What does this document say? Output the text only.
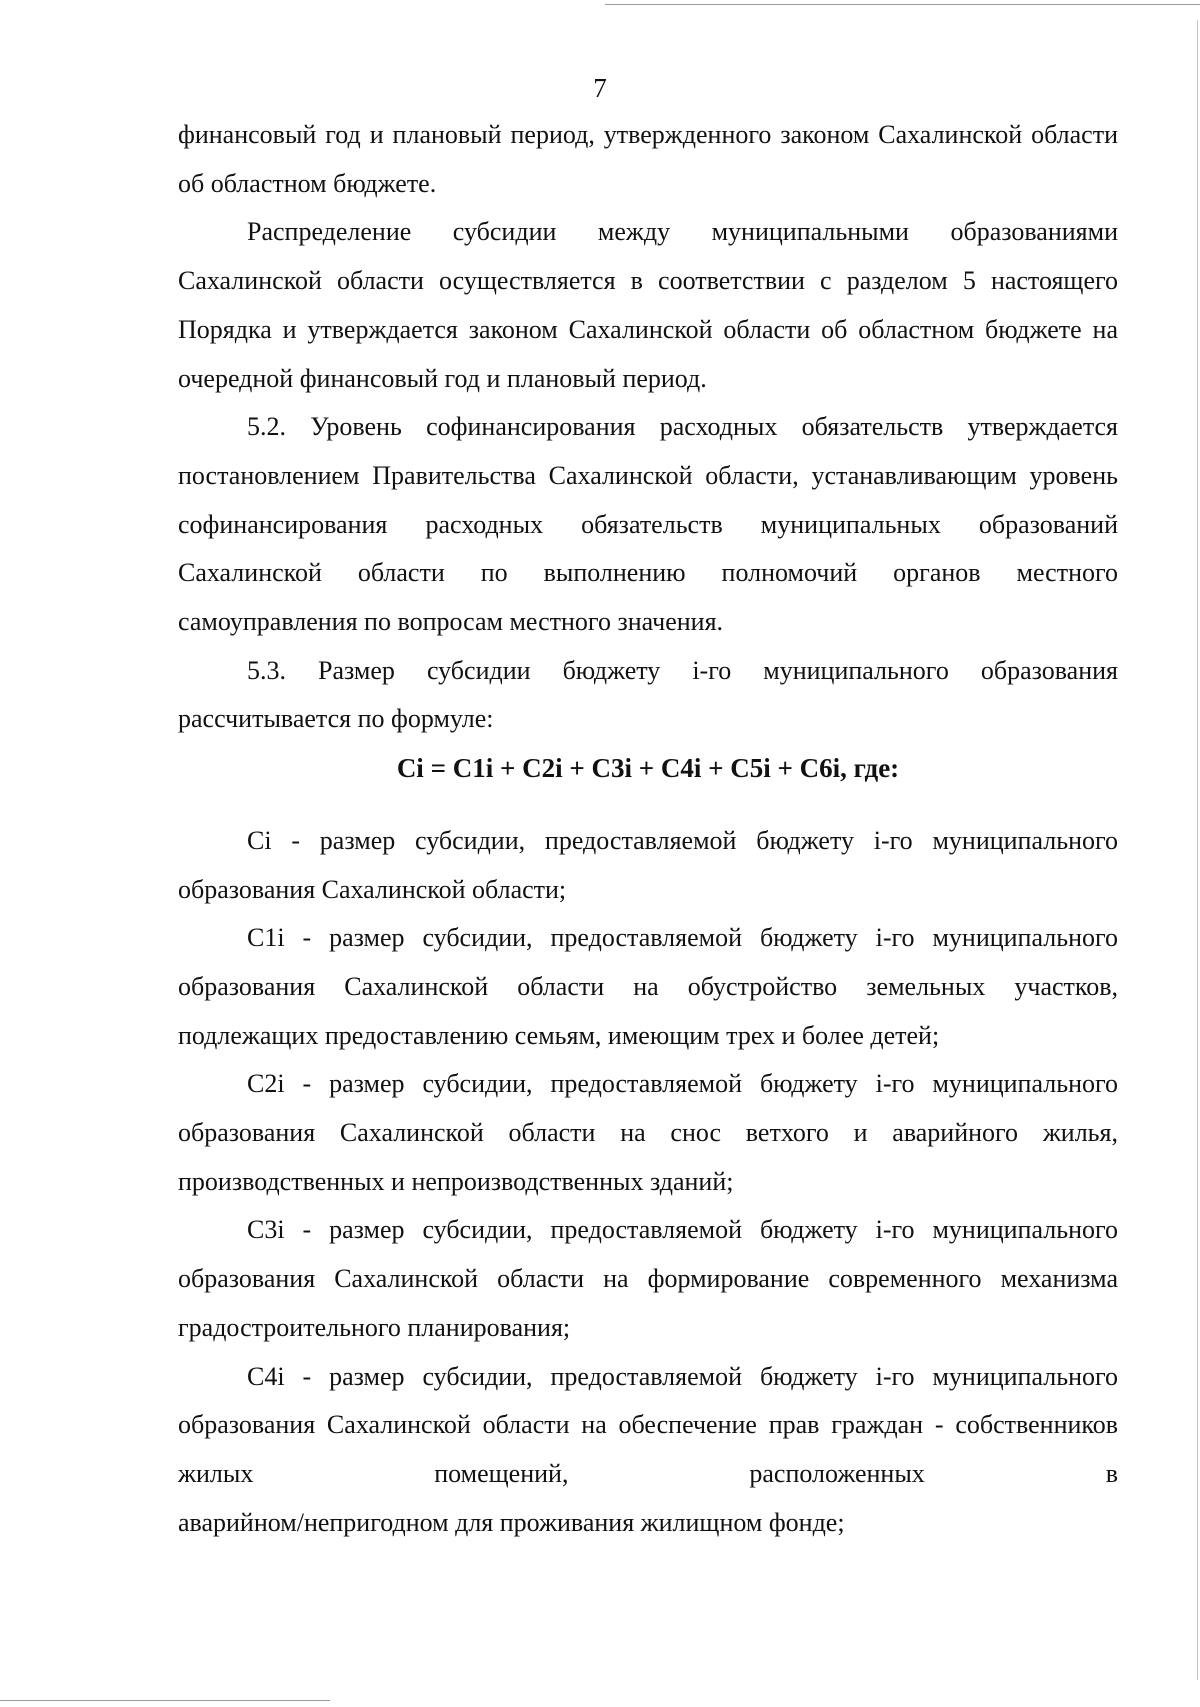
7

финансовый год и плановый период, утвержденного законом Сахалинской области об областном бюджете.

Распределение субсидии между муниципальными образованиями Сахалинской области осуществляется в соответствии с разделом 5 настоящего Порядка и утверждается законом Сахалинской области об областном бюджете на очередной финансовый год и плановый период.

5.2. Уровень софинансирования расходных обязательств утверждается постановлением Правительства Сахалинской области, устанавливающим уровень софинансирования расходных обязательств муниципальных образований Сахалинской области по выполнению полномочий органов местного самоуправления по вопросам местного значения.

5.3. Размер субсидии бюджету i-го муниципального образования рассчитывается по формуле:

Ci = C1i + C2i + C3i + C4i + C5i + C6i, где:

Ci - размер субсидии, предоставляемой бюджету i-го муниципального образования Сахалинской области;

C1i - размер субсидии, предоставляемой бюджету i-го муниципального образования Сахалинской области на обустройство земельных участков, подлежащих предоставлению семьям, имеющим трех и более детей;

C2i - размер субсидии, предоставляемой бюджету i-го муниципального образования Сахалинской области на снос ветхого и аварийного жилья, производственных и непроизводственных зданий;

C3i - размер субсидии, предоставляемой бюджету i-го муниципального образования Сахалинской области на формирование современного механизма градостроительного планирования;

C4i - размер субсидии, предоставляемой бюджету i-го муниципального образования Сахалинской области на обеспечение прав граждан - собственников жилых помещений, расположенных в

аварийном/непригодном для проживания жилищном фонде;
